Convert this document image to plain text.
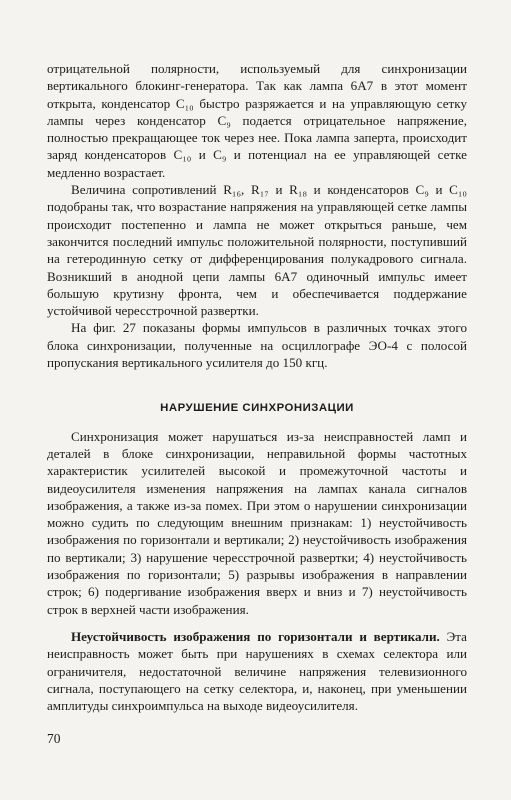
отрицательной полярности, используемый для синхронизации вертикального блокинг-генератора. Так как лампа 6А7 в этот момент открыта, конденсатор C₁₀ быстро разряжается и на управляющую сетку лампы через конденсатор C₉ подается отрицательное напряжение, полностью прекращающее ток через нее. Пока лампа заперта, происходит заряд конденсаторов C₁₀ и C₉ и потенциал на ее управляющей сетке медленно возрастает.

Величина сопротивлений R₁₆, R₁₇ и R₁₈ и конденсаторов C₉ и C₁₀ подобраны так, что возрастание напряжения на управляющей сетке лампы происходит постепенно и лампа не может открыться раньше, чем закончится последний импульс положительной полярности, поступивший на гетеродинную сетку от дифференцирования полукадрового сигнала. Возникший в анодной цепи лампы 6А7 одиночный импульс имеет большую крутизну фронта, чем и обеспечивается поддержание устойчивой чересстрочной развертки.

На фиг. 27 показаны формы импульсов в различных точках этого блока синхронизации, полученные на осциллографе ЭО-4 с полосой пропускания вертикального усилителя до 150 кгц.

НАРУШЕНИЕ СИНХРОНИЗАЦИИ

Синхронизация может нарушаться из-за неисправностей ламп и деталей в блоке синхронизации, неправильной формы частотных характеристик усилителей высокой и промежуточной частоты и видеоусилителя изменения напряжения на лампах канала сигналов изображения, а также из-за помех. При этом о нарушении синхронизации можно судить по следующим внешним признакам: 1) неустойчивость изображения по горизонтали и вертикали; 2) неустойчивость изображения по вертикали; 3) нарушение чересстрочной развертки; 4) неустойчивость изображения по горизонтали; 5) разрывы изображения в направлении строк; 6) подергивание изображения вверх и вниз и 7) неустойчивость строк в верхней части изображения.

Неустойчивость изображения по горизонтали и вертикали. Эта неисправность может быть при нарушениях в схемах селектора или ограничителя, недостаточной величине напряжения телевизионного сигнала, поступающего на сетку селектора, и, наконец, при уменьшении амплитуды синхроимпульса на выходе видеоусилителя.

70
